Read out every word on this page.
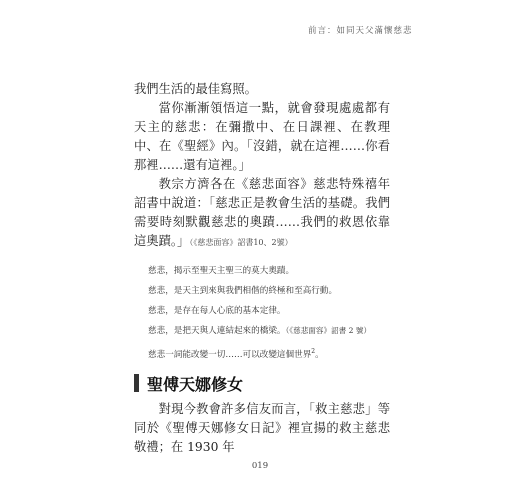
前言：如同天父滿懷慈悲

我們生活的最佳寫照。

當你漸漸領悟這一點，就會發現處處都有天主的慈悲：在彌撒中、在日課裡、在教理中、在《聖經》內。「沒錯，就在這裡……你看那裡……還有這裡。」

教宗方濟各在《慈悲面容》慈悲特殊禧年詔書中說道：「慈悲正是教會生活的基礎。我們需要時刻默觀慈悲的奧蹟……我們的救恩依靠這奧蹟。」（《慈悲面容》詔書10、2號）

慈悲，揭示至聖天主聖三的莫大奧蹟。

慈悲，是天主到來與我們相偕的終極和至高行動。

慈悲，是存在每人心底的基本定律。

慈悲，是把天與人連結起來的橋梁。（《慈悲面容》詔書 2 號）

慈悲一詞能改變一切……可以改變這個世界$^2$。

聖傅天娜修女

對現今教會許多信友而言，「救主慈悲」等同於《聖傅天娜修女日記》裡宣揚的救主慈悲敬禮；在 1930 年

019
